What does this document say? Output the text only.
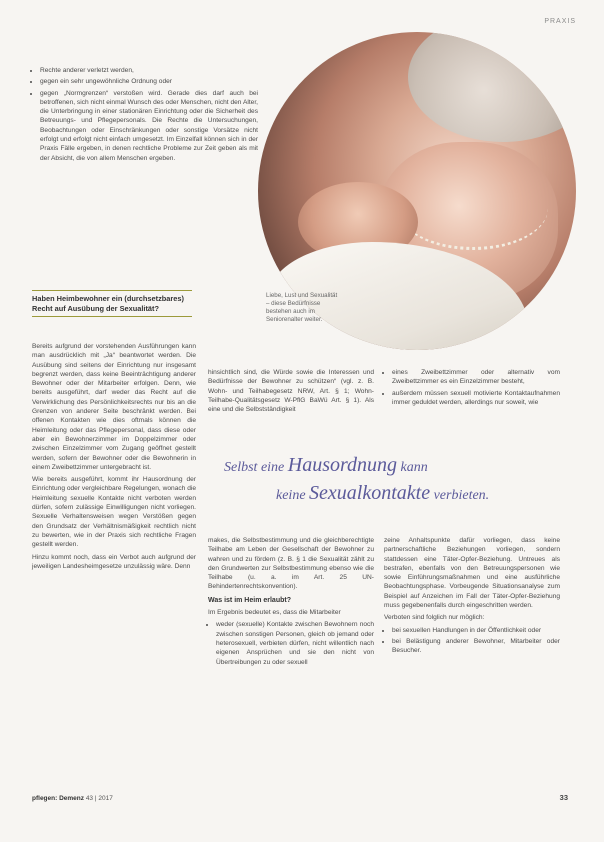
PRAXIS
• Rechte anderer verletzt werden,
• gegen ein sehr ungewöhnliche Ordnung oder
• gegen „Normgrenzen“ verstoßen wird. Gerade dies darf auch bei betroffenen, sich nicht einmal Wunsch des oder Menschen, nicht den Alter, die Unterbringung in einer stationären Einrichtung oder die Sicherheit des Betreuungs- und Pflegepersonals. Die Rechte die Untersuchungen, Beobachtungen oder Einschränkungen oder sonstige Vorsätze nicht erfolgt und erfolgt nicht einfach umgesetzt. Im Einzelfall können sich in der Praxis Fälle ergeben, in denen rechtliche Probleme zur Zeit geben als mit der Absicht, die von allem Menschen ergeben.
Liebe, Lust und Sexualität – diese Bedürfnisse bestehen auch im Seniorenalter weiter.
Haben Heimbewohner ein (durchsetzbares) Recht auf Ausübung der Sexualität?

Bereits aufgrund der vorstehenden Ausführungen kann man ausdrücklich mit „Ja“ beantwortet werden. Die Ausübung sind seitens der Einrichtung nur insgesamt begrenzt werden, dass keine Beeinträchtigung anderer Bewohner oder der Mitarbeiter erfolgen. Denn, wie bereits ausgeführt, darf weder das Recht auf die Verwirklichung des Persönlichkeitsrechts nur bis an die Grenzen von anderer Seite beschränkt werden. Bei offenen Kontakten wie dies oftmals können die Heimleitung oder das Pflegepersonal, dass diese oder aber ein Bewohnerzimmer im Doppelzimmer oder zwischen Einzelzimmer vom Zugang geöffnet gestellt werden, sofern der Bewohner oder die Bewohnerin in einem Zweibettzimmer untergebracht ist.

Wie bereits ausgeführt, kommt ihr Hausordnung der Einrichtung oder vergleichbare Regelungen, wonach die Heimleitung sexuelle Kontakte nicht verboten werden dürfen, sofern zulässige Einwilligungen nicht vorliegen. Sexuelle Verhaltensweisen wegen Verstößen gegen den Grundsatz der Verhältnismäßigkeit rechtlich nicht zu bewerten, wie in der Praxis sich rechtliche Fragen gestellt werden.

Hinzu kommt noch, dass ein Verbot auch aufgrund der jeweiligen Landesheimgesetze unzulässig wäre. Denn

hinsichtlich sind, die Würde sowie die Interessen und Bedürfnisse der Bewohner zu schützen“ (vgl. z. B. Wohn- und Teilhabegesetz NRW, Art. § 1; Wohn-Teilhabe-Qualitätsgesetz W-PflG BaWü Art. § 1). Als eine und die Selbstständigkeit

• eines Zweibettzimmer oder alternativ vom Zweibettzimmer es ein Einzelzimmer besteht,
• außerdem müssen sexuell motivierte Kontaktaufnahmen immer geduldet werden, allerdings nur soweit, wie
Selbst eine Hausordnung kann
keine Sexualkontakte verbieten.

makes, die Selbstbestimmung und die gleichberechtigte Teilhabe am Leben der Gesellschaft der Bewohner zu wahren und zu fördern (z. B. § 1 die Sexualität zählt zu den Grundwerten zur Selbstbestimmung ebenso wie die Teilhabe (u. a. im Art. 25 UN-Behindertenrechtskonvention).

Was ist im Heim erlaubt?

Im Ergebnis bedeutet es, dass die Mitarbeiter

• weder (sexuelle) Kontakte zwischen Bewohnern noch zwischen sonstigen Personen, gleich ob jemand oder heterosexuell, verbieten dürfen, nicht willentlich nach eigenen Ansprüchen und sie den nicht von Übertreibungen zu oder sexuell

zeine Anhaltspunkte dafür vorliegen, dass keine partnerschaftliche Beziehungen vorliegen, sondern stattdessen eine Täter-Opfer-Beziehung. Untreues als bestrafen, ebenfalls von den Betreuungspersonen wie sowie Einführungsmaßnahmen und eine ausführliche Beobachtungsphase. Vorbeugende Situationsanalyse zum Beispiel auf Anzeichen im Fall der Täter-Opfer-Beziehung muss gegebenenfalls durch eingeschritten werden.

Verboten sind folglich nur möglich:

• bei sexuellen Handlungen in der Öffentlichkeit oder
• bei Belästigung anderer Bewohner, Mitarbeiter oder Besucher.
pflegen: Demenz 43 | 2017	33
